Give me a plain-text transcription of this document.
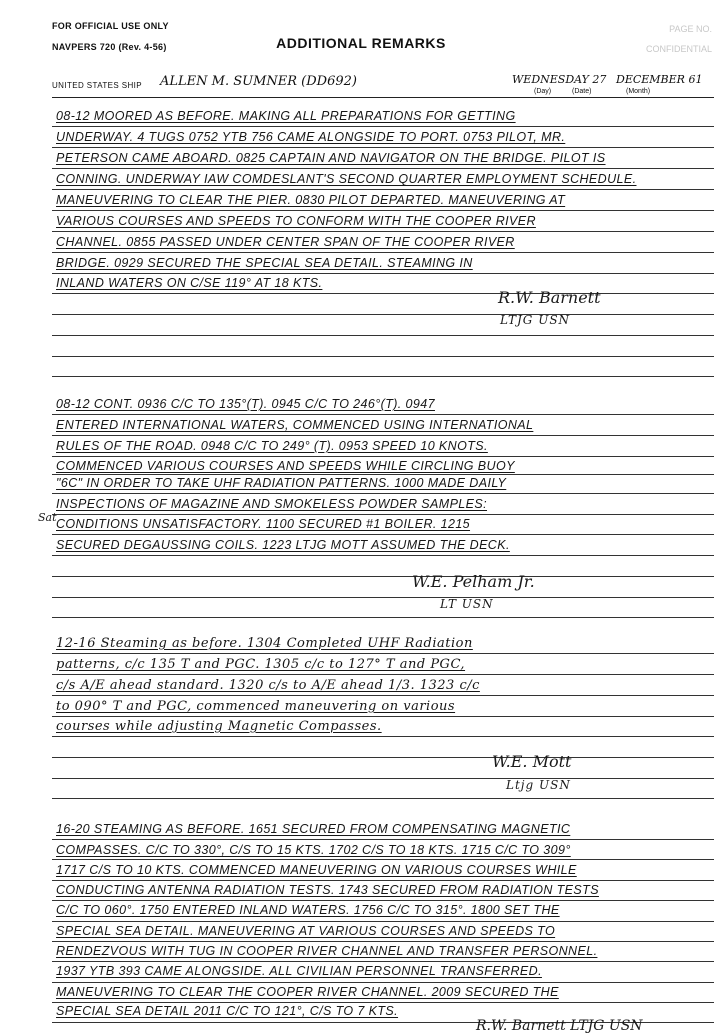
FOR OFFICIAL USE ONLY
NAVPERS 720 (Rev. 4-56)	ADDITIONAL REMARKS
PAGE NO.
CONFIDENTIAL
UNITED STATES SHIP ALLEN M. SUMNER (DD692)	WEDNESDAY 27 DECEMBER 61
(Day)	(Date)	(Month)
08-12 MOORED AS BEFORE. MAKING ALL PREPARATIONS FOR GETTING
UNDERWAY. 4 TUGS 0752 YTB 756 CAME ALONGSIDE TO PORT. 0753 PILOT, MR.
PETERSON CAME ABOARD. 0825 CAPTAIN AND NAVIGATOR ON THE BRIDGE. PILOT IS
CONNING. UNDERWAY IAW COMDESLANT'S SECOND QUARTER EMPLOYMENT SCHEDULE.
MANEUVERING TO CLEAR THE PIER. 0830 PILOT DEPARTED. MANEUVERING AT
VARIOUS COURSES AND SPEEDS TO CONFORM WITH THE COOPER RIVER
CHANNEL. 0855 PASSED UNDER CENTER SPAN OF THE COOPER RIVER
BRIDGE. 0929 SECURED THE SPECIAL SEA DETAIL. STEAMING IN
INLAND WATERS ON C/SE 119° AT 18 KTS.
R.W. Barnett
LTJG USN
08-12 CONT. 0936 C/C TO 135°(T). 0945 C/C TO 246°(T). 0947
ENTERED INTERNATIONAL WATERS, COMMENCED USING INTERNATIONAL
RULES OF THE ROAD. 0948 C/C TO 249° (T). 0953 SPEED 10 KNOTS.
COMMENCED VARIOUS COURSES AND SPEEDS WHILE CIRCLING BUOY
"6C" IN ORDER TO TAKE UHF RADIATION PATTERNS. 1000 MADE DAILY
INSPECTIONS OF MAGAZINE AND SMOKELESS POWDER SAMPLES:
CONDITIONS UNSATISFACTORY. 1100 SECURED #1 BOILER. 1215
SECURED DEGAUSSING COILS. 1223 LTJG MOTT ASSUMED THE DECK.
Sat
W.E. Pelham Jr.
LT USN
12-16 Steaming as before. 1304 Completed UHF Radiation
patterns, c/c 135 T and PGC. 1305 c/c to 127° T and PGC,
c/s A/E ahead standard. 1320 c/s to A/E ahead 1/3. 1323 c/c
to 090° T and PGC, commenced maneuvering on various
courses while adjusting Magnetic Compasses.
W.E. Mott
Ltjg USN
16-20 STEAMING AS BEFORE. 1651 SECURED FROM COMPENSATING MAGNETIC
COMPASSES. C/C TO 330°, C/S TO 15 KTS. 1702 C/S TO 18 KTS. 1715 C/C TO 309°
1717 C/S TO 10 KTS. COMMENCED MANEUVERING ON VARIOUS COURSES WHILE
CONDUCTING ANTENNA RADIATION TESTS. 1743 SECURED FROM RADIATION TESTS
C/C TO 060°. 1750 ENTERED INLAND WATERS. 1756 C/C TO 315°. 1800 SET THE
SPECIAL SEA DETAIL. MANEUVERING AT VARIOUS COURSES AND SPEEDS TO
RENDEZVOUS WITH TUG IN COOPER RIVER CHANNEL AND TRANSFER PERSONNEL.
1937 YTB 393 CAME ALONGSIDE. ALL CIVILIAN PERSONNEL TRANSFERRED.
MANEUVERING TO CLEAR THE COOPER RIVER CHANNEL. 2009 SECURED THE
SPECIAL SEA DETAIL 2011 C/C TO 121°, C/S TO 7 KTS.
R.W. Barnett LTJG USN
